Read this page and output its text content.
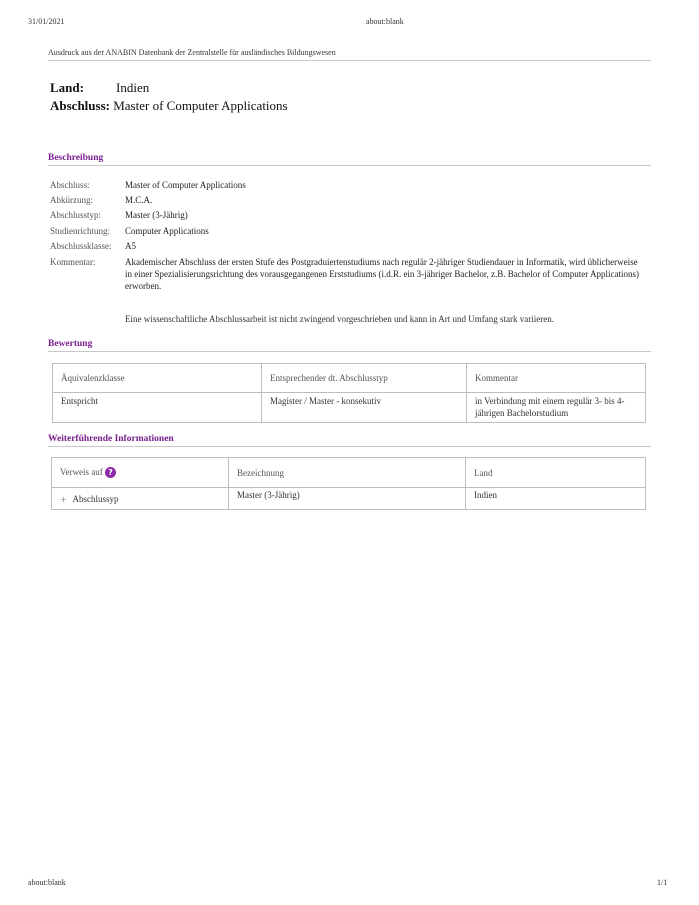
31/01/2021	about:blank
about:blank	1/1
Ausdruck aus der ANABIN Datenbank der Zentralstelle für ausländisches Bildungswesen
Land: Indien
Abschluss: Master of Computer Applications
Beschreibung
Abschluss:	Master of Computer Applications
Abkürzung:	M.C.A.
Abschlusstyp:	Master (3-Jährig)
Studienrichtung:	Computer Applications
Abschlussklasse:	A5
Kommentar:	Akademischer Abschluss der ersten Stufe des Postgraduiertenstudiums nach regulär 2-jähriger Studiendauer in Informatik, wird üblicherweise in einer Spezialisierungsrichtung des vorausgegangenen Erststudiums (i.d.R. ein 3-jähriger Bachelor, z.B. Bachelor of Computer Applications) erworben.
Eine wissenschaftliche Abschlussarbeit ist nicht zwingend vorgeschrieben und kann in Art und Umfang stark variieren.
Bewertung
Äquivalenzklasse	Entsprechender dt. Abschlusstyp	Kommentar
Entspricht	Magister / Master - konsekutiv	in Verbindung mit einem regulär 3- bis 4-jährigen Bachelorstudium
Weiterführende Informationen
Verweis auf ?	Bezeichnung	Land
+ Abschlussyp	Master (3-Jährig)	Indien
